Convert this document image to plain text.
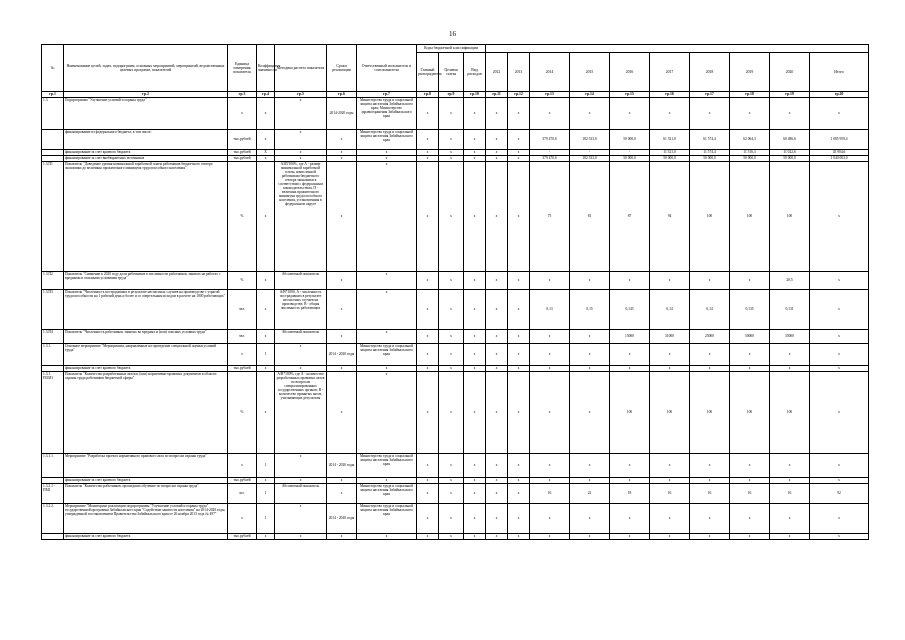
16
№	Наименование целей, задач, подпрограмм, основных мероприятий, мероприятий, ведомственных целевых программ, показателей	Единица измерения показателя	Коэффициент значимости	Методика расчета показателя	Сроки реализации	Ответственный исполнитель и соисполнители	Коды бюджетной классификации												
							Главный распорядитель	Целевая статья	Вид расходов	2012	2013	2014	2015	2016	2017	2018	2019	2020	Итого
гр.1	гр.2	гр.3	гр.4	гр.5	гр.6	гр.7	гр.8	гр.9	гр.10	гр.11	гр.12	гр.13	гр.14	гр.15	гр.16	гр.17	гр.18	гр.19	гр.20
1.3.	Подпрограмма "Улучшение условий и охраны труда"	х	x	х	2014-2020 годы	Министерство труда и социальной защиты населения Забайкальского края; Министерство здравоохранения Забайкальского края	х	х	х	х	х	х	х	х	х	х	х	х	х
	финансирование из федерального бюджета, в том числе:	тыс.рублей	x	x	x	Министерство труда и социальной защиты населения Забайкальского края	x	x	x	x	x	379 470,0	182 533,0	50 000,0	61 521,0	61 574,4	62 064,3	60 486,6	1 085 959,4
	финансирование за счет краевого бюджета	тыс.рублей	X	x	x	x	x	x	x	x	x	-	-	-	11 521,0	11 574,4	11 516,3	11 022,6	45 904,6
	финансирование за счет внебюджетных источников	тыс.рублей	x	x	x	x	x	x	x	x	x	379 470,0	182 533,0	50 000,0	50 000,0	50 000,0	50 000,0	50 000,0	1 040 003,0
1.3.П1	Показатель "Доведение уровня номинальной заработной платы работников бюджетного сектора экономики до величины прожиточного минимума трудоспособного населения"	%	х	АЗП/100%, где А - размер минимальной заработной платы, начисленной работникам бюджетного сектора экономики в соответствии с федеральным законодательством, П - величина прожиточного минимума трудоспособного населения, установленная в федеральном округе	x	x	x	x	x	x	x	75	81	87	94	100	100	100	x
1.3.П2	Показатель "Снижение к 2020 году доли работников в численности работников, занятых на работах с вредными и опасными условиями труда"	%	x	Абсолютный показатель	x	x	x	x	x	x	x	x	x	x	x	x	x	20,5	x
1.3.П3	Показатель "Численность пострадавших в результате несчастных случаев на производстве с утратой трудоспособности на 1 рабочий день и более и со смертельным исходом в расчете на 1000 работающих"	чел.	x	А/В*1000, А - численность пострадавших в результате несчастных случаев на производстве, В - общая численность работающих	x	x	x	x	x	x	x	0,13	0,15	0,143	0,14	0,14	0,135	0,131	x
1.3.П4	Показатель "Численность работников, занятых во вредных и (или) опасных условиях труда"	чел.	x	Абсолютный показатель	x	x	x	x	x	x	x	x	x	15000	31000	25000	50000	35000	x
1.3.1.	Основное мероприятие "Мероприятия, направленные на проведение специальной оценки условий труда"	х	1	х	2014 - 2020 годы	Министерство труда и социальной защиты населения Забайкальского края	х	х	х	х	х	х	х	х	х	х	х	х	х
	финансирование за счет краевого бюджета	тыс.рублей	x	x	x	x	x	x	x	x	x	x	x	x	x	x	x	x	x
1.3.1. ПОМ1	Показатель "Количество разработанных актов и (или) нормативно-правовых документов в области охраны труда работников бюджетной сферы"	%	x	А/В*100%, где А - количество разработанных правовых актов по вопросам специализированных государственных органов; В - количество принятых актов, учитывающих результаты	x	x	x	x	x	x	x	x	x	100	100	100	100	100	x
1.3.1.1.	Мероприятие "Разработка проекта нормативного правового акта по вопросам охраны труда"	х	1	х	2014 - 2020 годы	Министерство труда и социальной защиты населения Забайкальского края	х	х	х	х	х	х	х	х	х	х	х	х	х
	финансирование за счет краевого бюджета	тыс.рублей	x	x	x	x	x	x	x	x	x	x	x	x	x	x	x	x	x
1.3.2.1 - ПМ1	Показатель "Количество работников, прошедших обучение по вопросам охраны труда"	шт.	1	Абсолютный показатель	x	Министерство труда и социальной защиты населения Забайкальского края	x	x	x	x	x	16	22	18	16	16	16	16	92
1.3.2.2.	Мероприятие "Мониторинг реализации подпрограммы "Улучшение условий и охраны труда" государственной программы Забайкальского края "Содействие занятости населения" на 2014-2020 годы, утвержденной постановлением Правительства Забайкальского края от 26 ноября 2013 года № 497"	х	1	х	2014 - 2020 годы	Министерство труда и социальной защиты населения Забайкальского края	х	х	х	х	х	х	х	х	х	х	х	х	х
	финансирование за счет краевого бюджета	тыс.рублей	x	x	x	x	x	x	x	x	x	x	x	x	x	x	x	x	x
